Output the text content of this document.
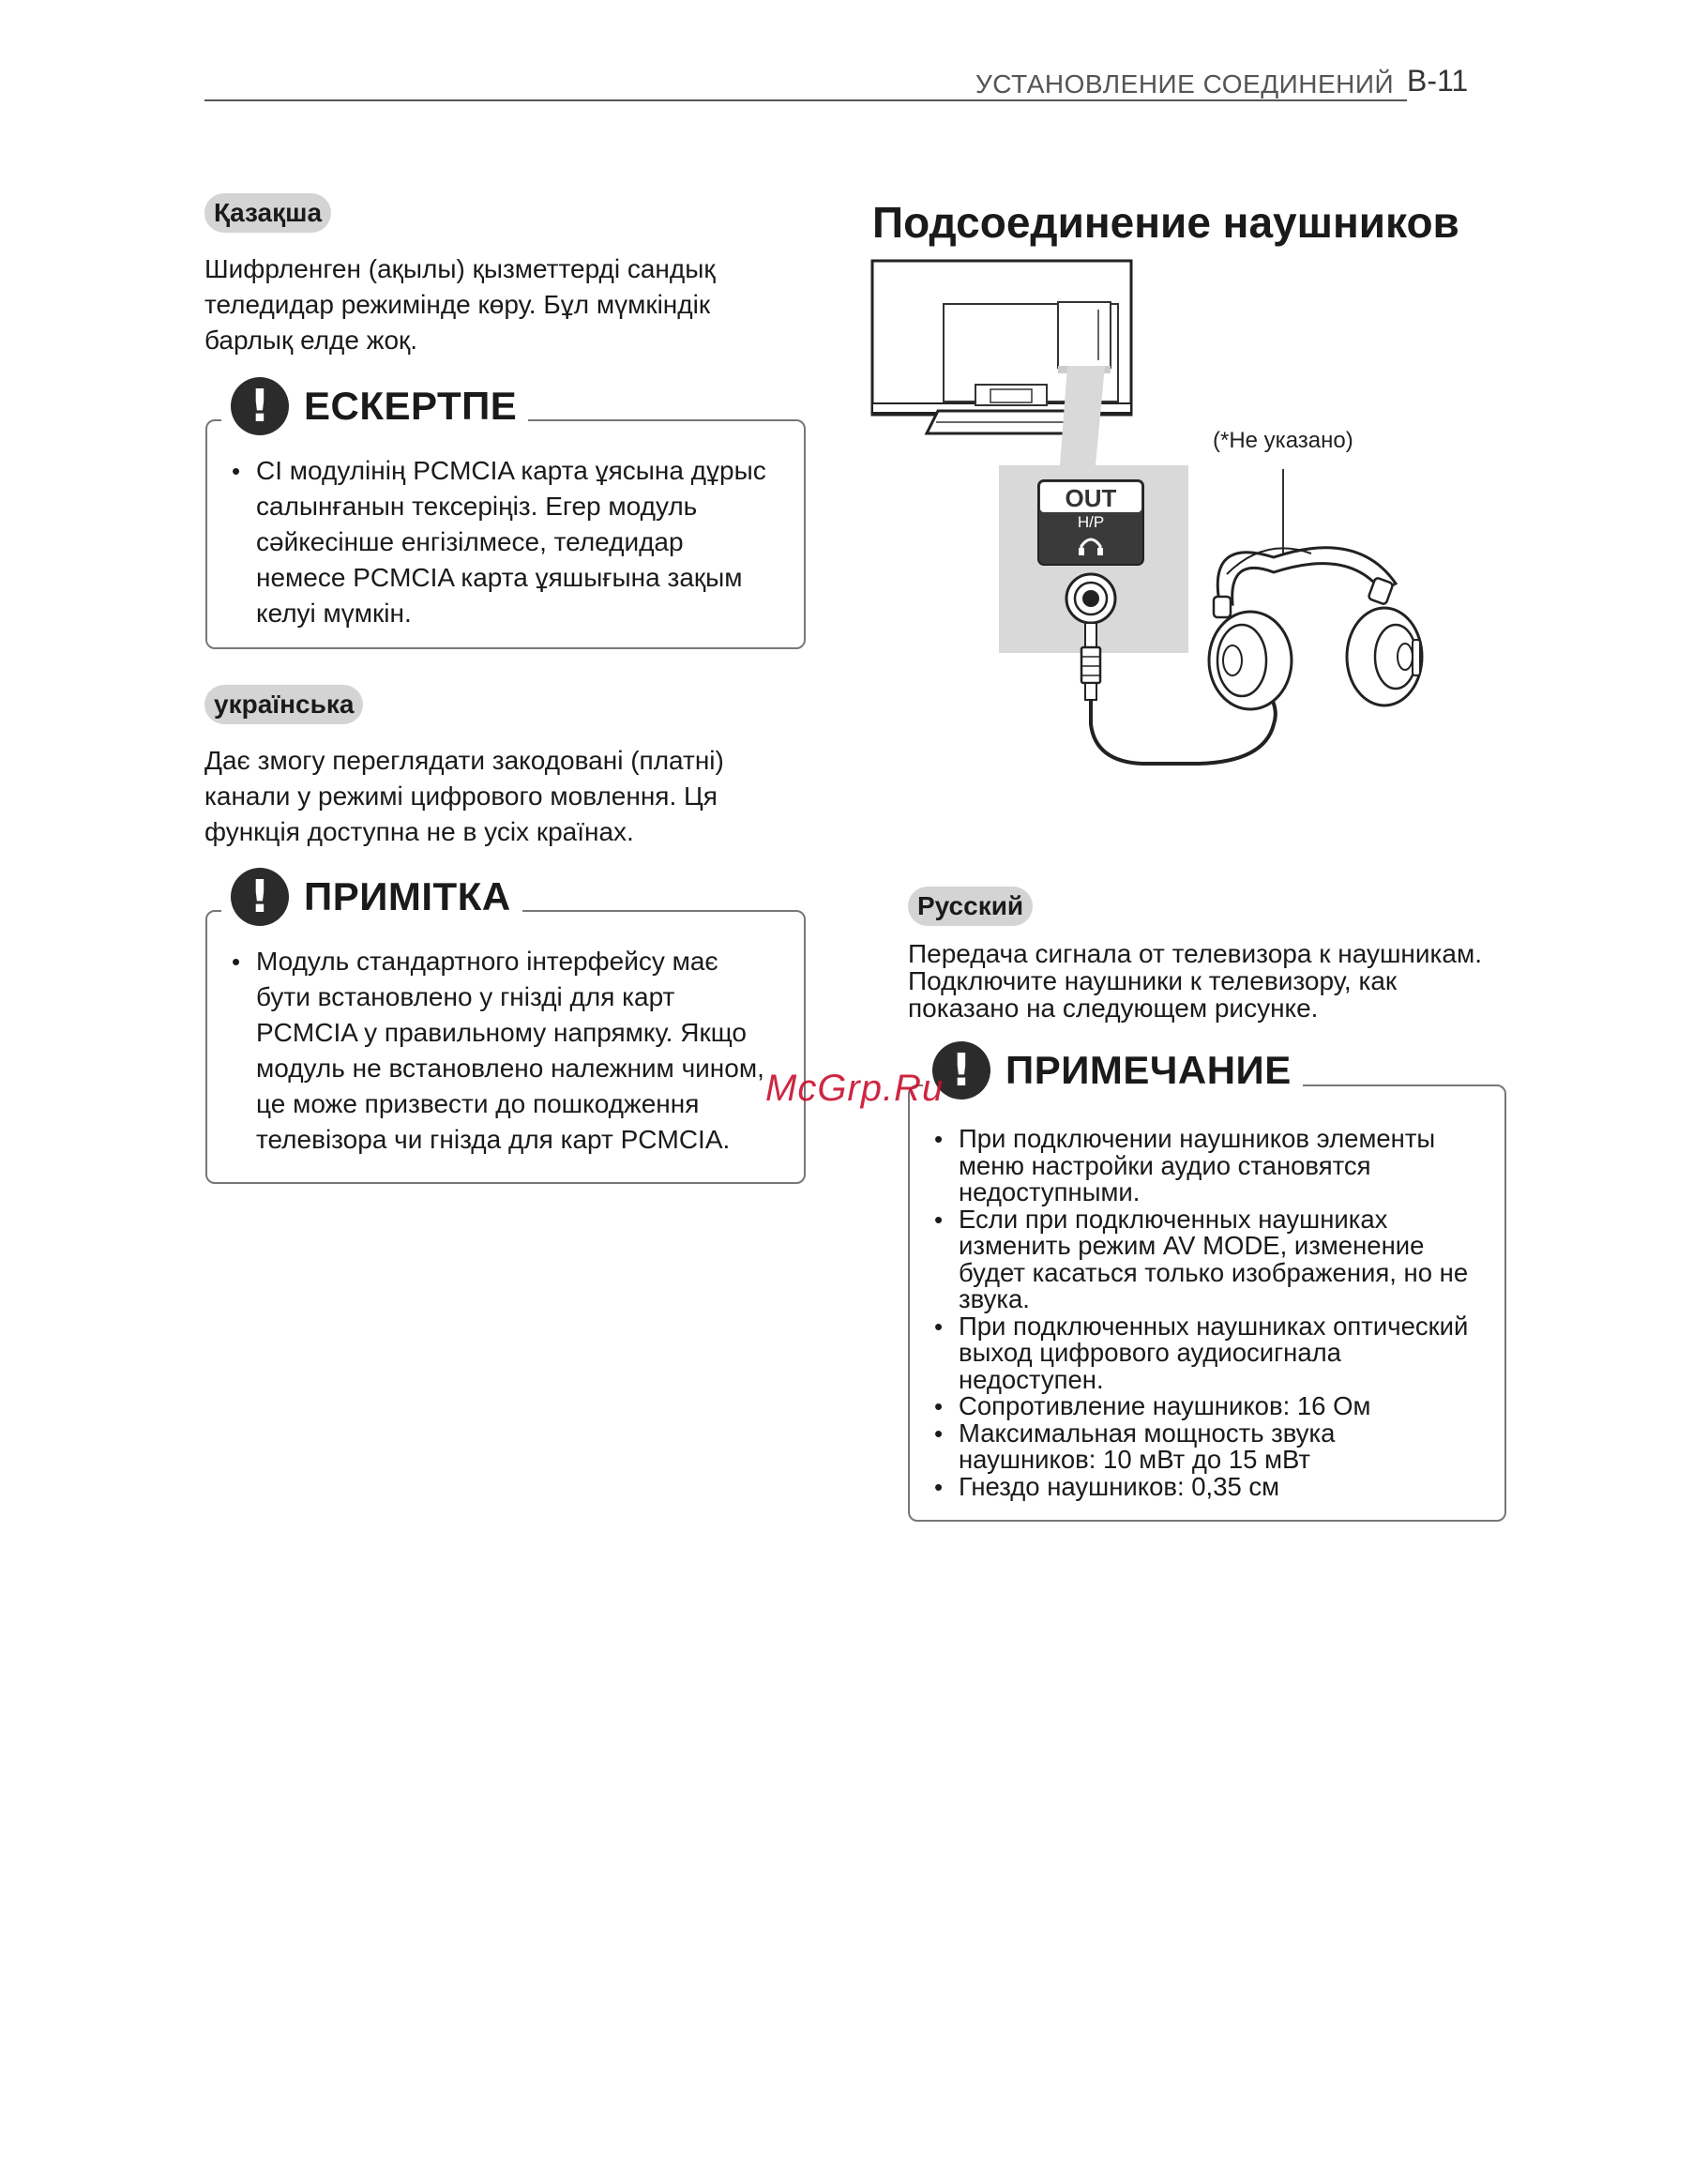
УСТАНОВЛЕНИЕ СОЕДИНЕНИЙ B-11
Қазақша

Шифрленген (ақылы) қызметтерді сандық

теледидар режимінде көру. Бұл мүмкіндік

барлық елде жоқ.

• CI модулінің PCMCIA карта ұясына дұрыс
салынғанын тексеріңіз. Егер модуль
сәйкесінше енгізілмесе, теледидар
немесе PCMCIA карта ұяшығына зақым
келуі мүмкін.
! ЕСКЕРТПЕ
українська

Дає змогу переглядати закодовані (платні)

канали у режимі цифрового мовлення. Ця

функція доступна не в усіх країнах.

• Модуль стандартного інтерфейсу має
бути встановлено у гнізді для карт
PCMCIA у правильному напрямку. Якщо
модуль не встановлено належним чином,
це може призвести до пошкодження
телевізора чи гнізда для карт PCMCIA.
! ПРИМІТКА
Подсоединение наушников
OUT
H/P
(*Не указано)
Русский

Передача сигнала от телевизора к наушникам.

Подключите наушники к телевизору, как

показано на следующем рисунке.

• При подключении наушников элементы
меню настройки аудио становятся
недоступными.
• Если при подключенных наушниках
изменить режим AV MODE, изменение
будет касаться только изображения, но не
звука.
• При подключенных наушниках оптический
выход цифрового аудиосигнала
недоступен.
• Сопротивление наушников: 16 Ом
• Максимальная мощность звука
наушников: 10 мВт до 15 мВт
• Гнездо наушников: 0,35 см
! ПРИМЕЧАНИЕ
McGrp.Ru
